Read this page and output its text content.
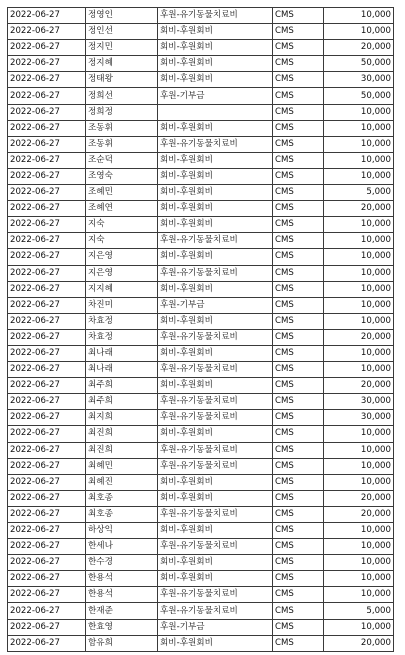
2022-06-27	정영인	후원-유기동물치료비	CMS	10,000
2022-06-27	정인선	회비-후원회비	CMS	10,000
2022-06-27	정지민	회비-후원회비	CMS	20,000
2022-06-27	정지혜	회비-후원회비	CMS	50,000
2022-06-27	정태왕	회비-후원회비	CMS	30,000
2022-06-27	정희선	후원-기부금	CMS	50,000
2022-06-27	정희정		CMS	10,000
2022-06-27	조동휘	회비-후원회비	CMS	10,000
2022-06-27	조동휘	후원-유기동물치료비	CMS	10,000
2022-06-27	조순덕	회비-후원회비	CMS	10,000
2022-06-27	조영숙	회비-후원회비	CMS	10,000
2022-06-27	조혜민	회비-후원회비	CMS	5,000
2022-06-27	조혜연	회비-후원회비	CMS	20,000
2022-06-27	지숙	회비-후원회비	CMS	10,000
2022-06-27	지숙	후원-유기동물치료비	CMS	10,000
2022-06-27	지은영	회비-후원회비	CMS	10,000
2022-06-27	지은영	후원-유기동물치료비	CMS	10,000
2022-06-27	지지혜	회비-후원회비	CMS	10,000
2022-06-27	차진미	후원-기부금	CMS	10,000
2022-06-27	차효정	회비-후원회비	CMS	10,000
2022-06-27	차효정	후원-유기동물치료비	CMS	20,000
2022-06-27	최나래	회비-후원회비	CMS	10,000
2022-06-27	최나래	후원-유기동물치료비	CMS	10,000
2022-06-27	최주희	회비-후원회비	CMS	20,000
2022-06-27	최주희	후원-유기동물치료비	CMS	30,000
2022-06-27	최지희	후원-유기동물치료비	CMS	30,000
2022-06-27	최진희	회비-후원회비	CMS	10,000
2022-06-27	최진희	후원-유기동물치료비	CMS	10,000
2022-06-27	최혜민	후원-유기동물치료비	CMS	10,000
2022-06-27	최혜진	회비-후원회비	CMS	10,000
2022-06-27	최호종	회비-후원회비	CMS	20,000
2022-06-27	최호종	후원-유기동물치료비	CMS	20,000
2022-06-27	하상익	회비-후원회비	CMS	10,000
2022-06-27	한세나	후원-유기동물치료비	CMS	10,000
2022-06-27	한수경	회비-후원회비	CMS	10,000
2022-06-27	한용석	회비-후원회비	CMS	10,000
2022-06-27	한용석	후원-유기동물치료비	CMS	10,000
2022-06-27	한재준	후원-유기동물치료비	CMS	5,000
2022-06-27	한효영	후원-기부금	CMS	10,000
2022-06-27	함유희	회비-후원회비	CMS	20,000
